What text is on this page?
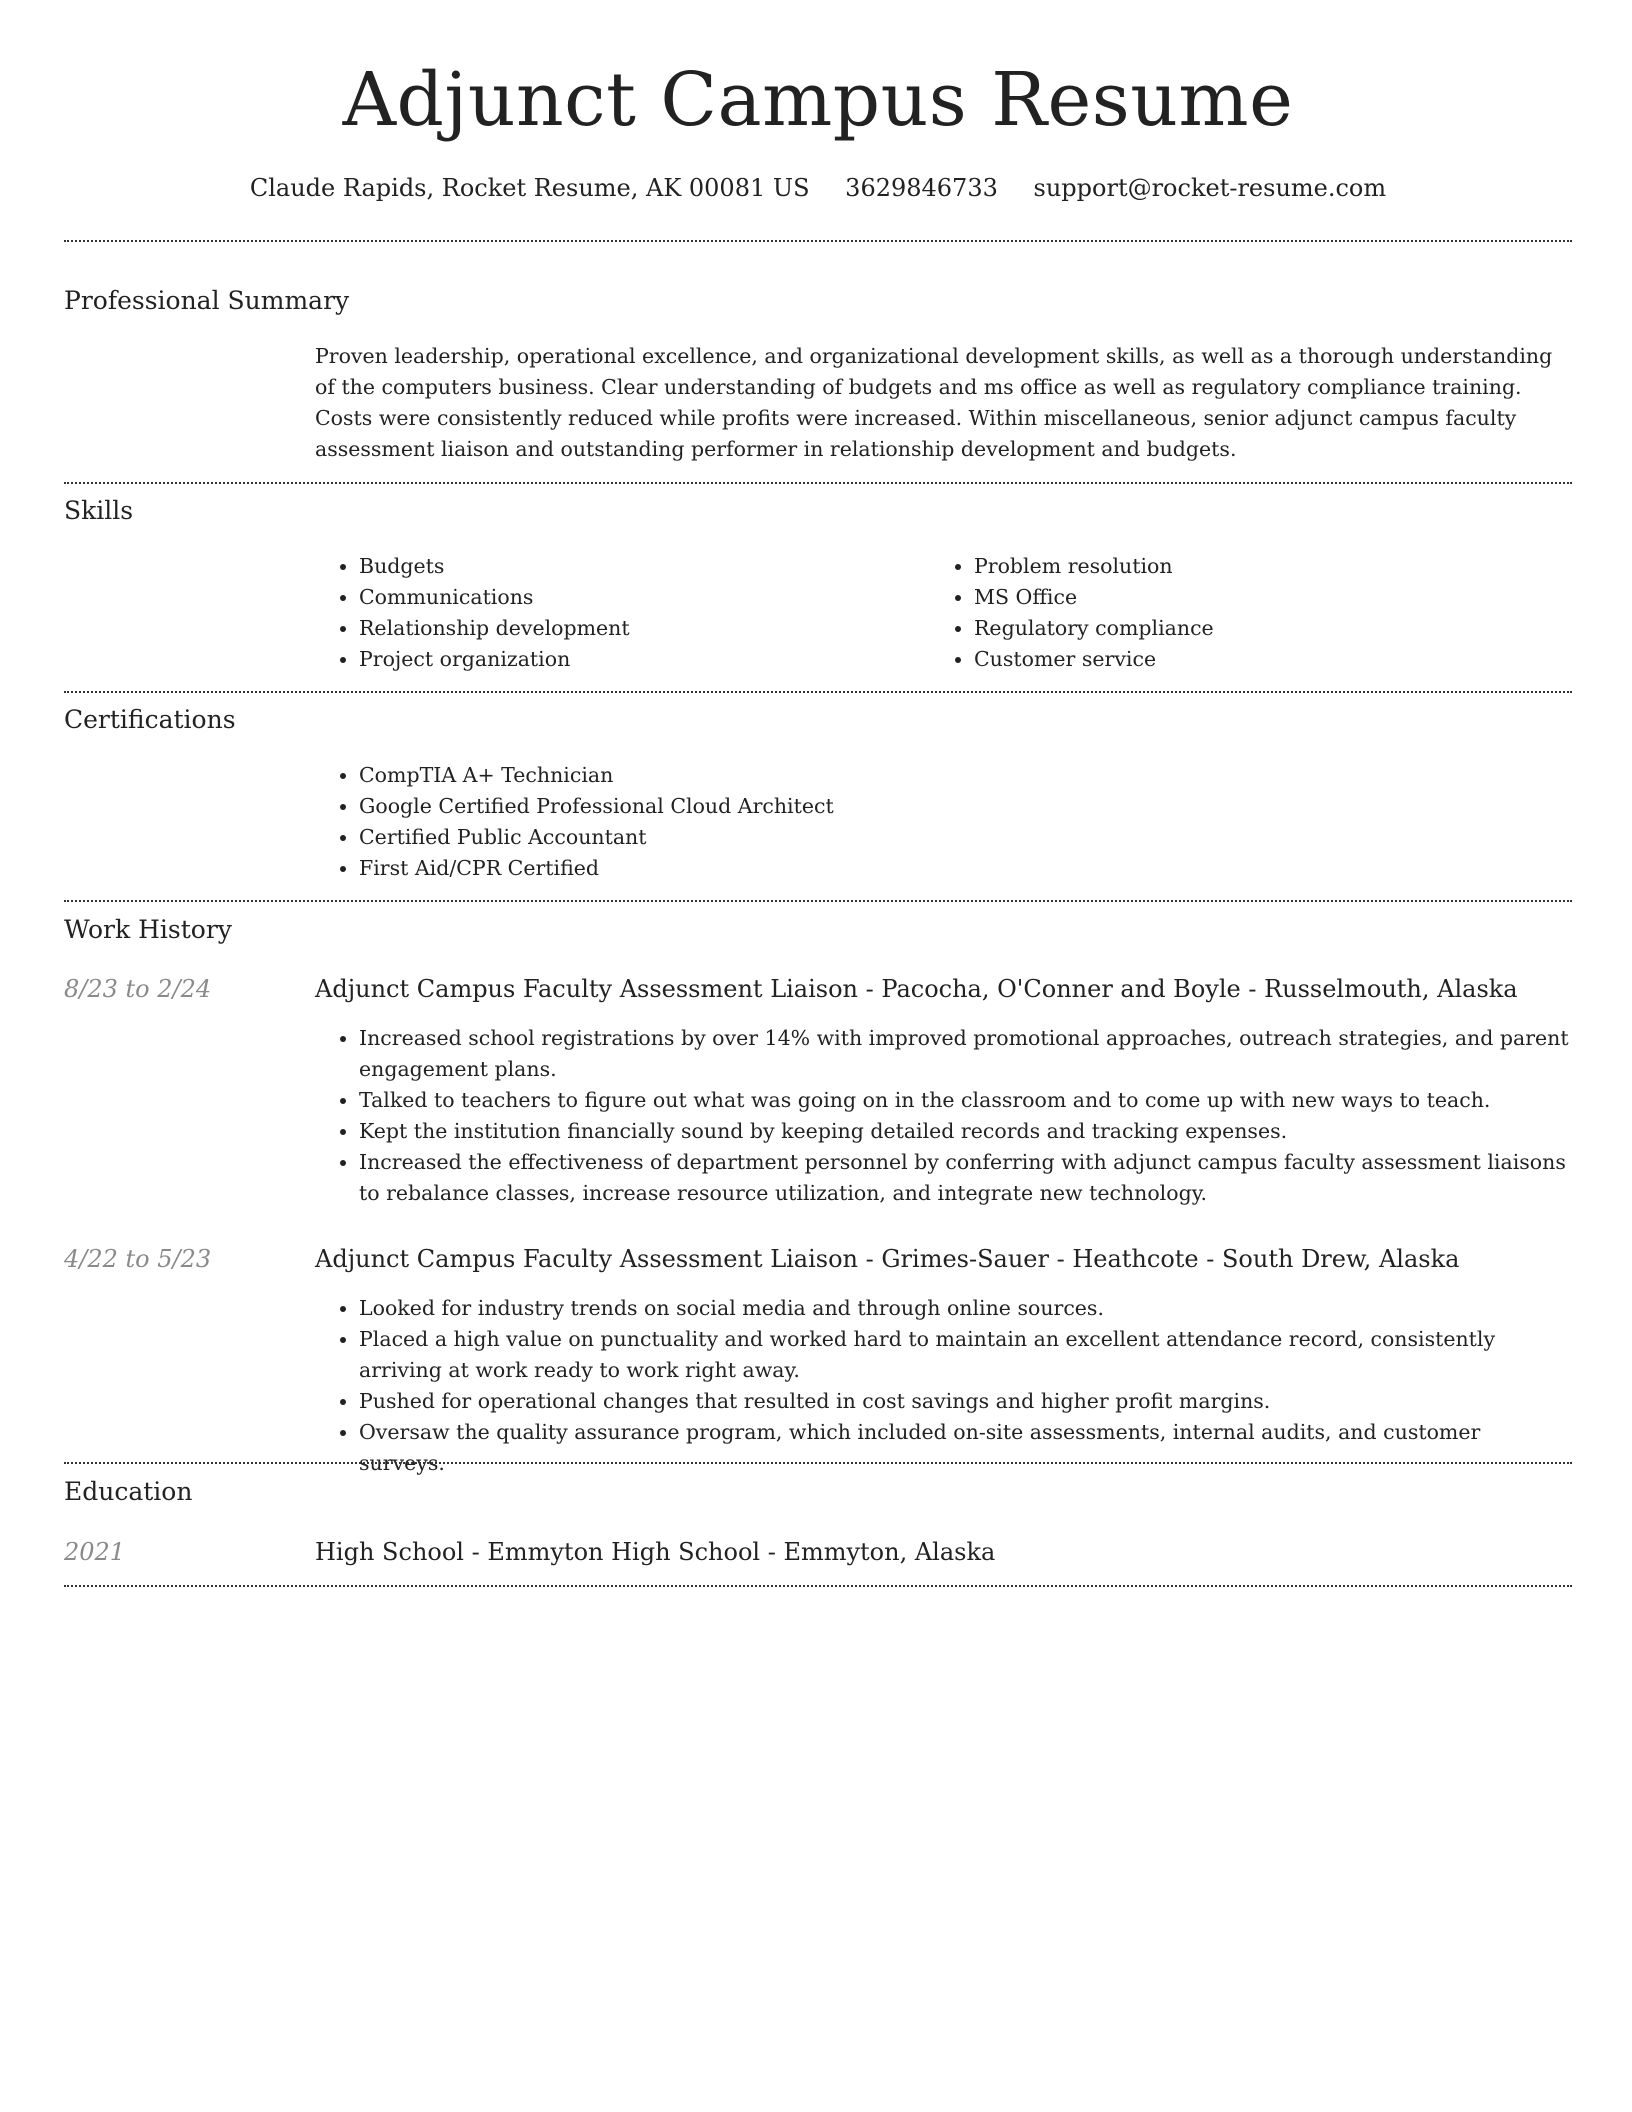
Adjunct Campus Resume
Claude Rapids, Rocket Resume, AK 00081 US 3629846733 support@rocket-resume.com
Professional Summary
Proven leadership, operational excellence, and organizational development skills, as well as a thorough understanding of the computers business. Clear understanding of budgets and ms office as well as regulatory compliance training. Costs were consistently reduced while profits were increased. Within miscellaneous, senior adjunct campus faculty assessment liaison and outstanding performer in relationship development and budgets.
Skills
• Budgets
• Communications
• Relationship development
• Project organization
• Problem resolution
• MS Office
• Regulatory compliance
• Customer service
Certifications
• CompTIA A+ Technician
• Google Certified Professional Cloud Architect
• Certified Public Accountant
• First Aid/CPR Certified
Work History
8/23 to 2/24	Adjunct Campus Faculty Assessment Liaison - Pacocha, O'Conner and Boyle - Russelmouth, Alaska
• Increased school registrations by over 14% with improved promotional approaches, outreach strategies, and parent engagement plans.
• Talked to teachers to figure out what was going on in the classroom and to come up with new ways to teach.
• Kept the institution financially sound by keeping detailed records and tracking expenses.
• Increased the effectiveness of department personnel by conferring with adjunct campus faculty assessment liaisons to rebalance classes, increase resource utilization, and integrate new technology.
4/22 to 5/23	Adjunct Campus Faculty Assessment Liaison - Grimes-Sauer - Heathcote - South Drew, Alaska
• Looked for industry trends on social media and through online sources.
• Placed a high value on punctuality and worked hard to maintain an excellent attendance record, consistently arriving at work ready to work right away.
• Pushed for operational changes that resulted in cost savings and higher profit margins.
• Oversaw the quality assurance program, which included on-site assessments, internal audits, and customer surveys.
Education
2021	High School - Emmyton High School - Emmyton, Alaska
